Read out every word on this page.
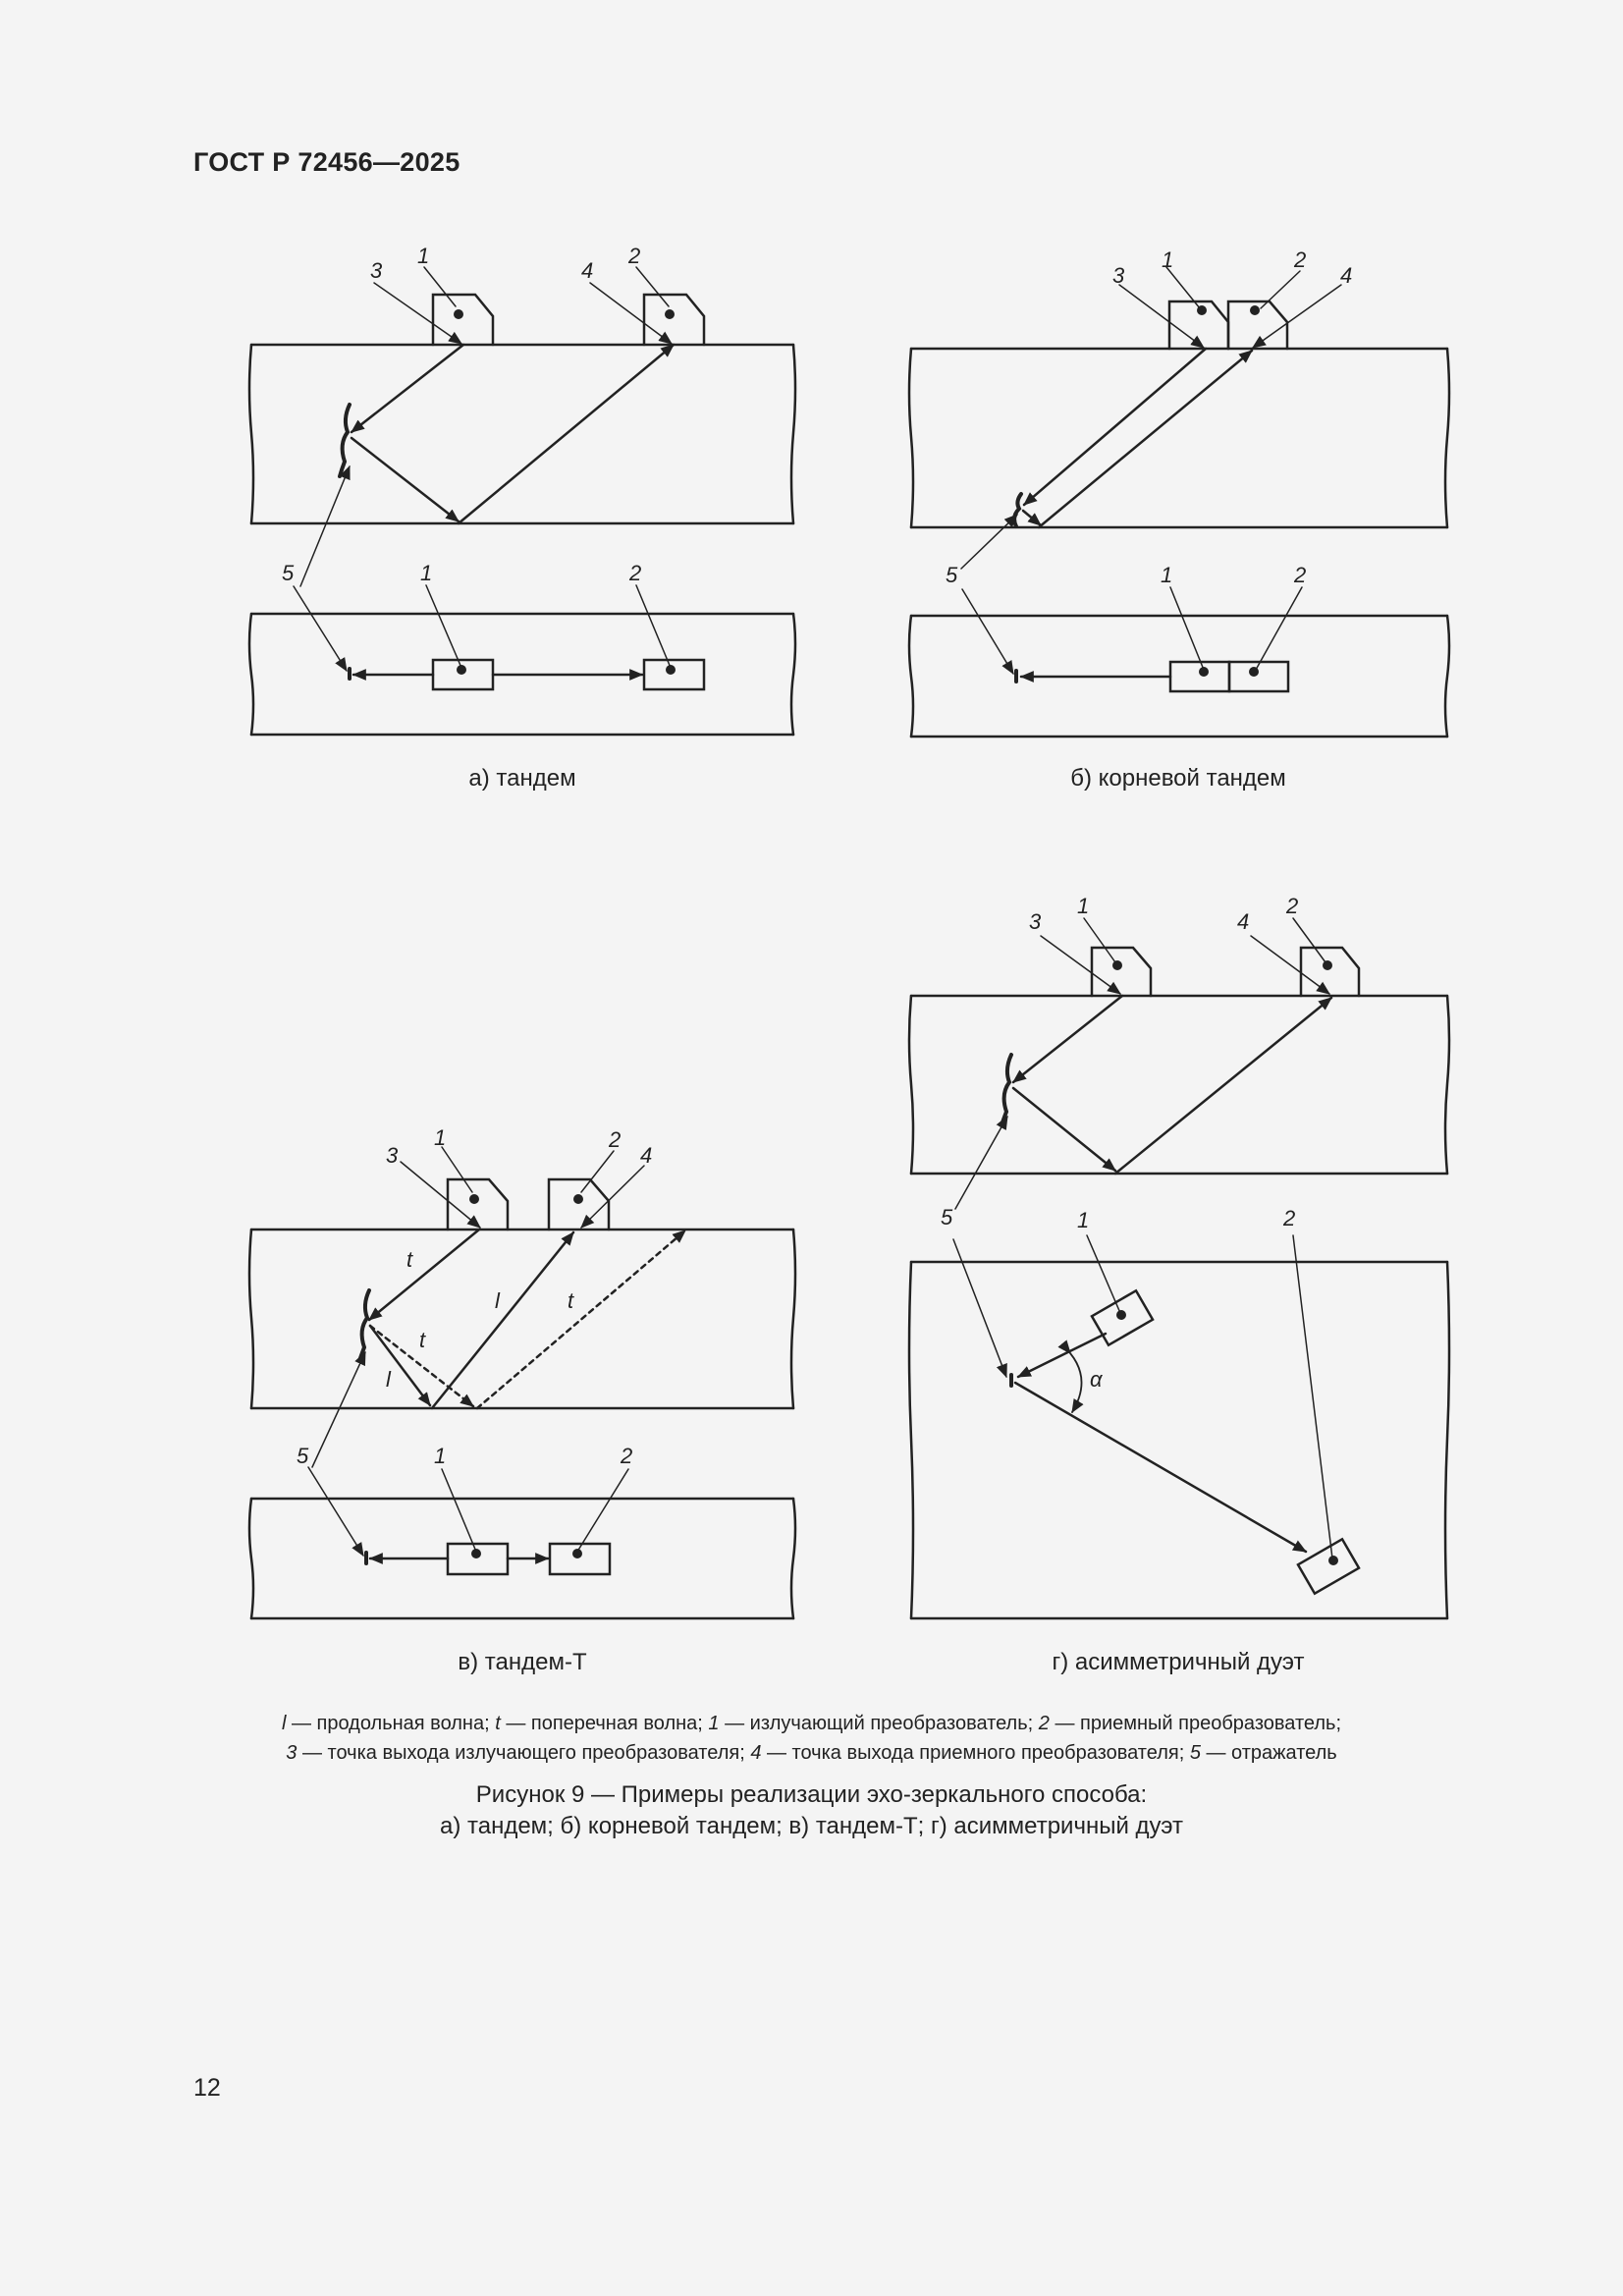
ГОСТ Р 72456—2025
1	2
3	4
5	1	2
а) тандем
1	2
3	4
5	1	2
б) корневой тандем
1	2
3	4
t
t
l
l	t
5	1	2
в) тандем-Т
1	2
3	4
5	1	2
α
г) асимметричный дуэт
l — продольная волна; t — поперечная волна; 1 — излучающий преобразователь; 2 — приемный преобразователь;
3 — точка выхода излучающего преобразователя; 4 — точка выхода приемного преобразователя; 5 — отражатель
Рисунок 9 — Примеры реализации эхо-зеркального способа:
а) тандем; б) корневой тандем; в) тандем-Т; г) асимметричный дуэт
12
